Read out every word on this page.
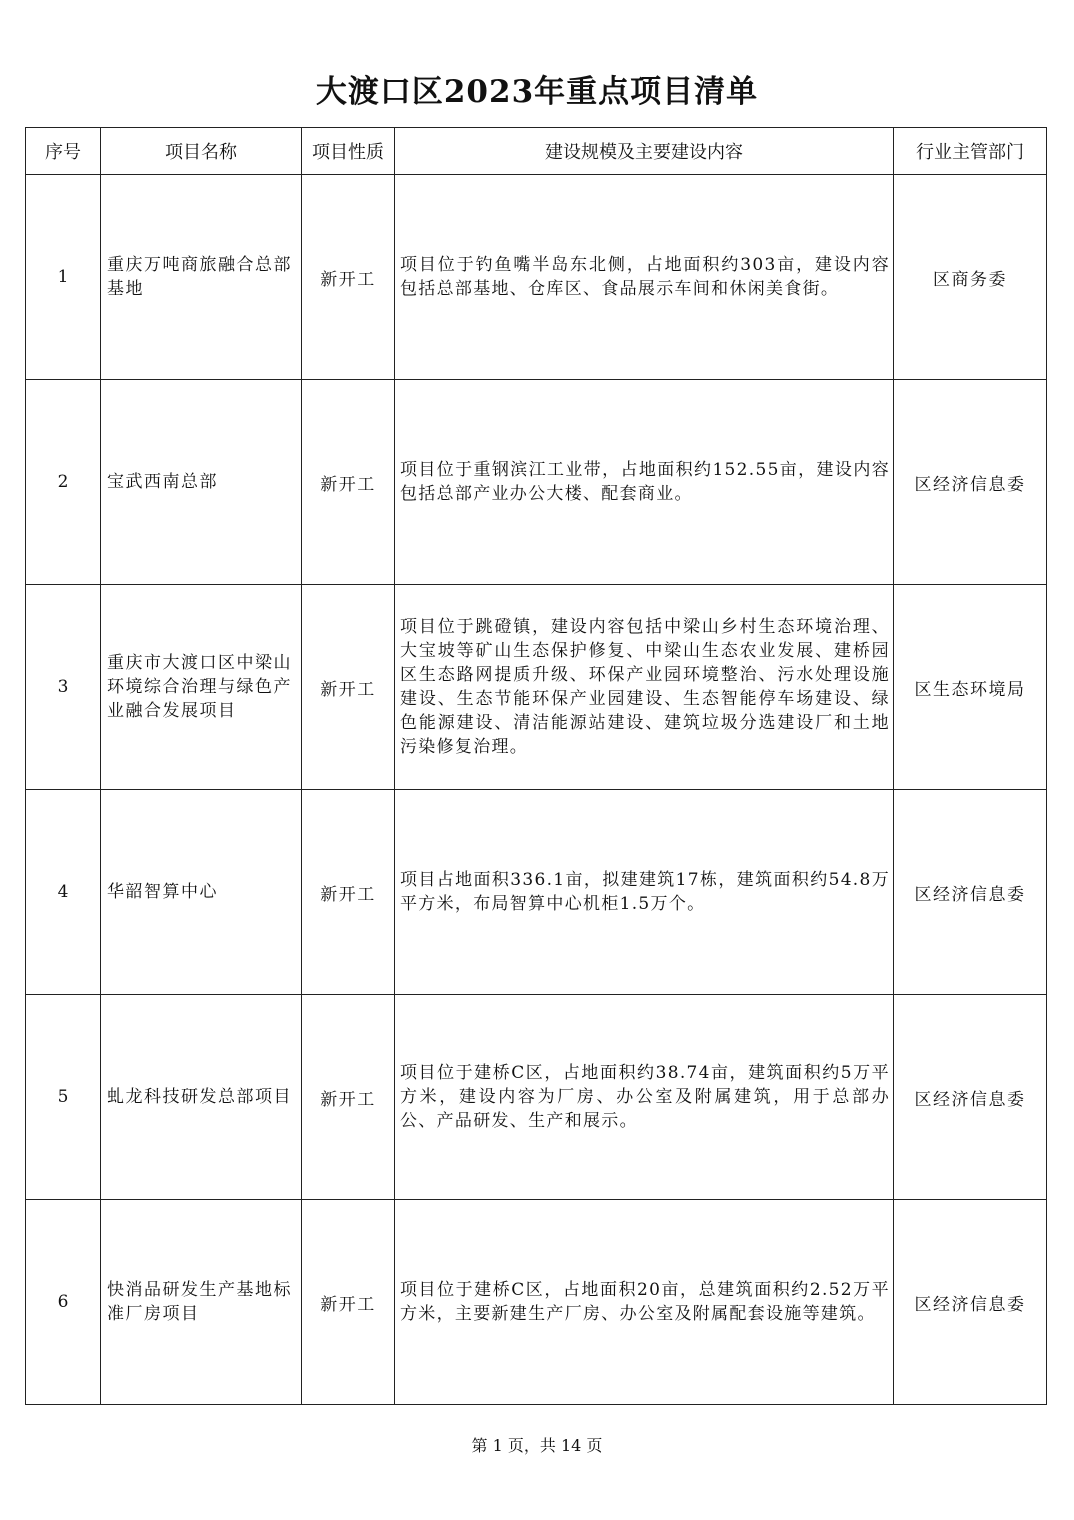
大渡口区2023年重点项目清单
序号	项目名称	项目性质	建设规模及主要建设内容	行业主管部门
1	重庆万吨商旅融合总部基地	新开工	项目位于钓鱼嘴半岛东北侧，占地面积约303亩，建设内容包括总部基地、仓库区、食品展示车间和休闲美食街。	区商务委
2	宝武西南总部	新开工	项目位于重钢滨江工业带，占地面积约152.55亩，建设内容包括总部产业办公大楼、配套商业。	区经济信息委
3	重庆市大渡口区中梁山环境综合治理与绿色产业融合发展项目	新开工	项目位于跳磴镇，建设内容包括中梁山乡村生态环境治理、大宝坡等矿山生态保护修复、中梁山生态农业发展、建桥园区生态路网提质升级、环保产业园环境整治、污水处理设施建设、生态节能环保产业园建设、生态智能停车场建设、绿色能源建设、清洁能源站建设、建筑垃圾分选建设厂和土地污染修复治理。	区生态环境局
4	华韶智算中心	新开工	项目占地面积336.1亩，拟建建筑17栋，建筑面积约54.8万平方米，布局智算中心机柜1.5万个。	区经济信息委
5	虬龙科技研发总部项目	新开工	项目位于建桥C区，占地面积约38.74亩，建筑面积约5万平方米，建设内容为厂房、办公室及附属建筑，用于总部办公、产品研发、生产和展示。	区经济信息委
6	快消品研发生产基地标准厂房项目	新开工	项目位于建桥C区，占地面积20亩，总建筑面积约2.52万平方米，主要新建生产厂房、办公室及附属配套设施等建筑。	区经济信息委
第 1 页，共 14 页
